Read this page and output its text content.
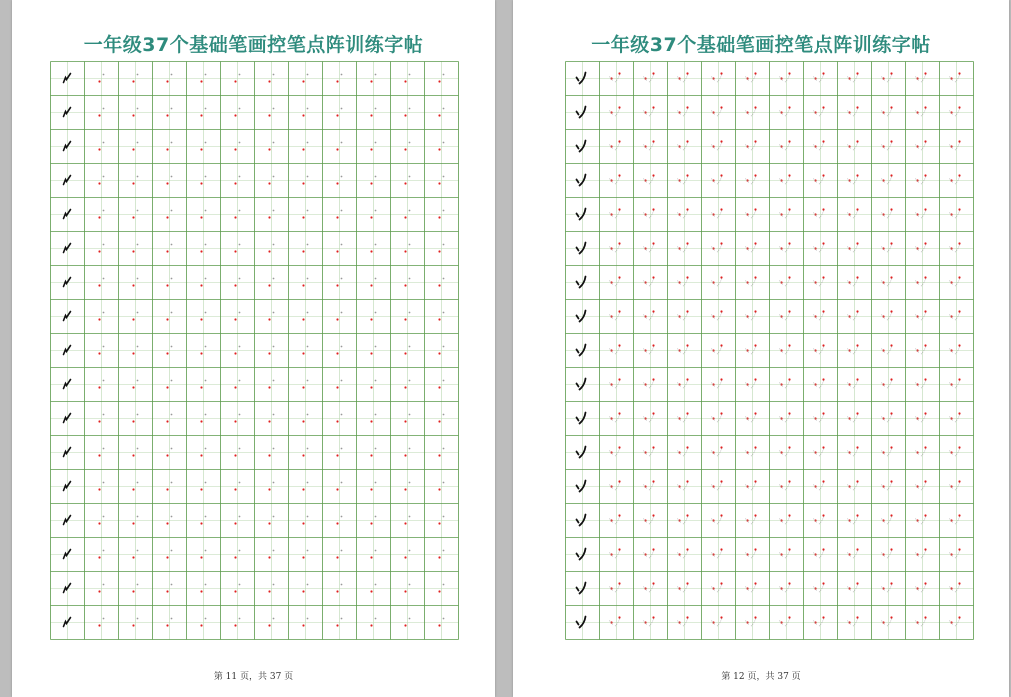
一年级37个基础笔画控笔点阵训练字帖
第 11 页，共 37 页
一年级37个基础笔画控笔点阵训练字帖
第 12 页，共 37 页
